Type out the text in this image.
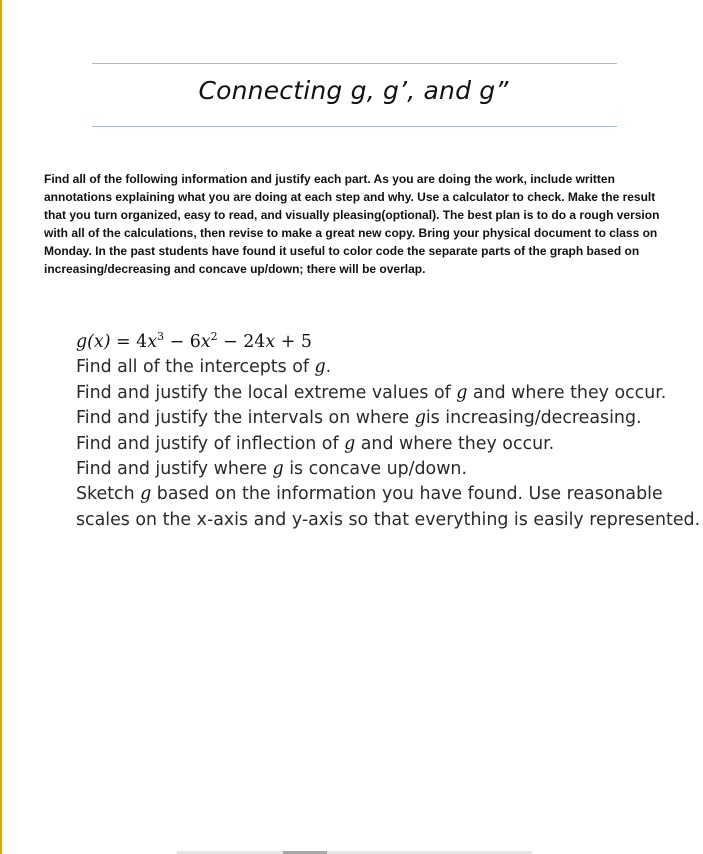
Connecting g, g’, and g”

Find all of the following information and justify each part. As you are doing the work, include written annotations explaining what you are doing at each step and why. Use a calculator to check. Make the result that you turn organized, easy to read, and visually pleasing(optional). The best plan is to do a rough version with all of the calculations, then revise to make a great new copy. Bring your physical document to class on Monday. In the past students have found it useful to color code the separate parts of the graph based on increasing/decreasing and concave up/down; there will be overlap.

$g(x) = 4x^3 - 6x^2 - 24x + 5$
Find all of the intercepts of g.
Find and justify the local extreme values of g and where they occur.
Find and justify the intervals on where gis increasing/decreasing.
Find and justify of inflection of g and where they occur.
Find and justify where g is concave up/down.
Sketch g based on the information you have found. Use reasonable
scales on the x-axis and y-axis so that everything is easily represented.
